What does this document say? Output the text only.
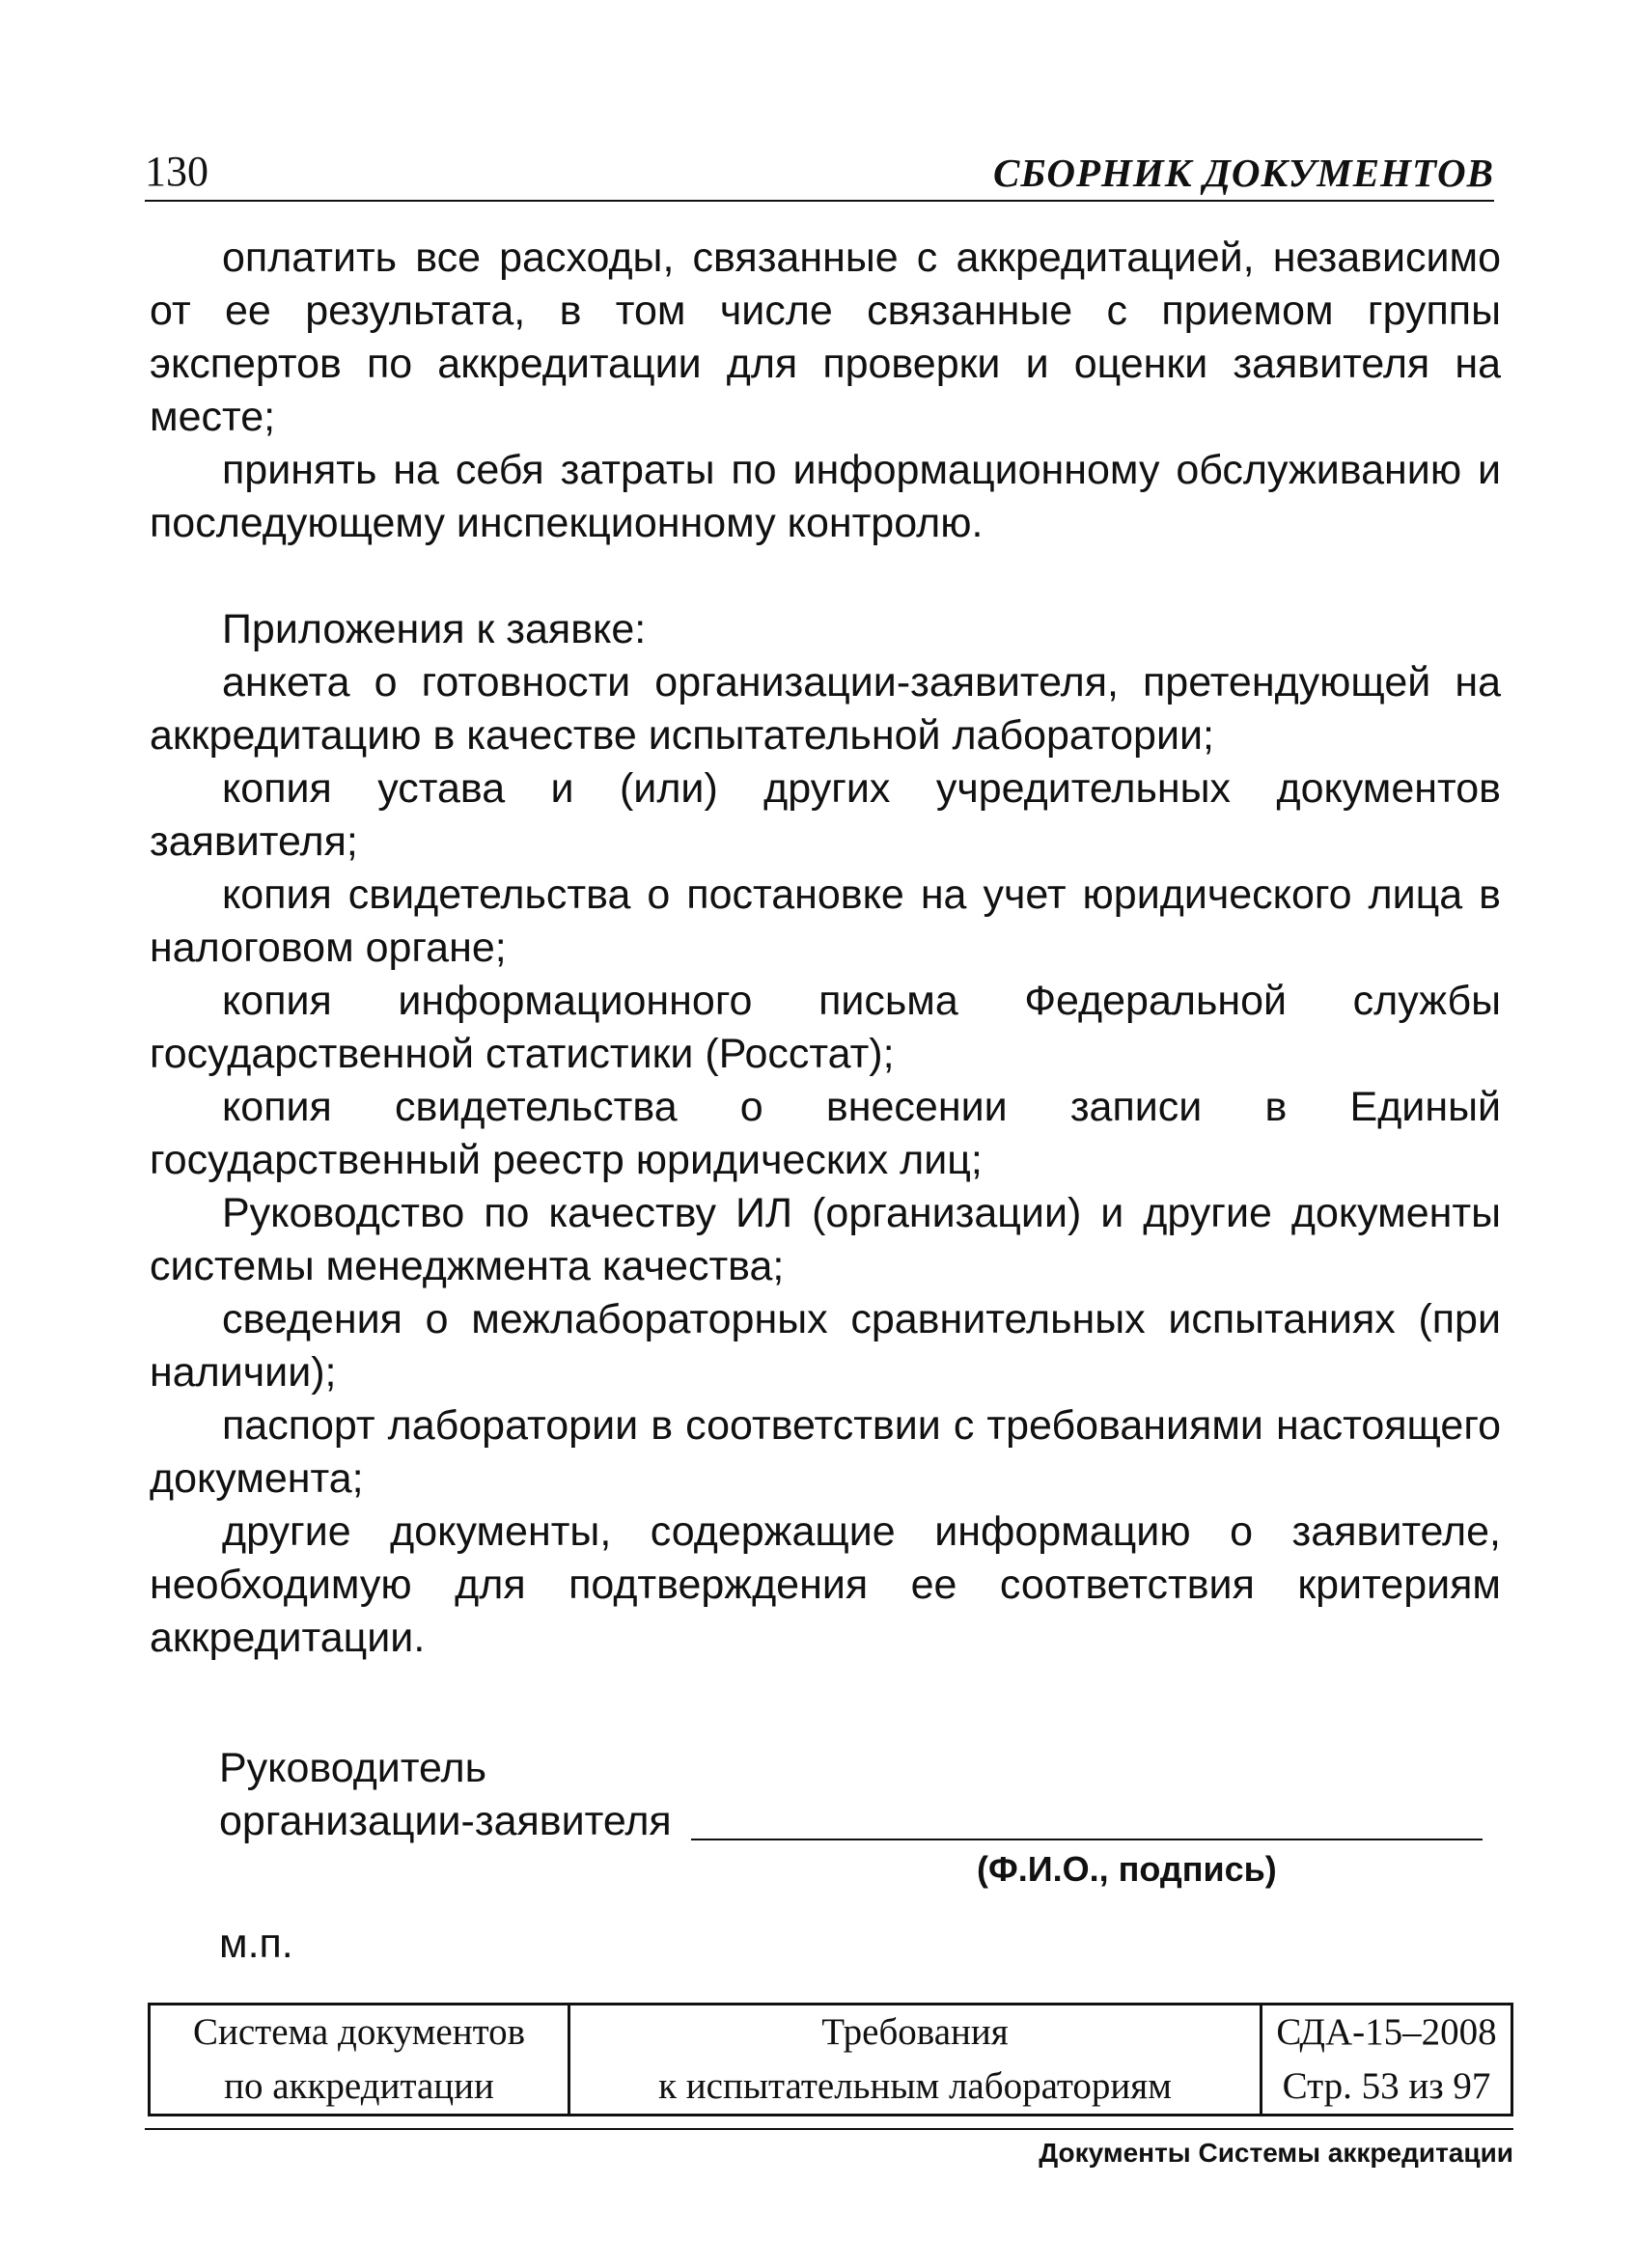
130	СБОРНИК ДОКУМЕНТОВ

оплатить все расходы, связанные с аккредитацией, независимо от ее результата, в том числе связанные с приемом группы экспертов по аккредитации для проверки и оценки заявителя на месте;

принять на себя затраты по информационному обслуживанию и последующему инспекционному контролю.

Приложения к заявке:

анкета о готовности организации-заявителя, претендующей на аккредитацию в качестве испытательной лаборатории;

копия устава и (или) других учредительных документов заявителя;

копия свидетельства о постановке на учет юридического лица в налоговом органе;

копия информационного письма Федеральной службы государственной статистики (Росстат);

копия свидетельства о внесении записи в Единый государственный реестр юридических лиц;

Руководство по качеству ИЛ (организации) и другие документы системы менеджмента качества;

сведения о межлабораторных сравнительных испытаниях (при наличии);

паспорт лаборатории в соответствии с требованиями настоящего документа;

другие документы, содержащие информацию о заявителе, необходимую для подтверждения ее соответствия критериям аккредитации.

Руководитель
организации-заявителя
(Ф.И.О., подпись)
м.п.
Система документов	Требования	СДА-15–2008
по аккредитации	к испытательным лабораториям	Стр. 53 из 97
Документы Системы аккредитации
